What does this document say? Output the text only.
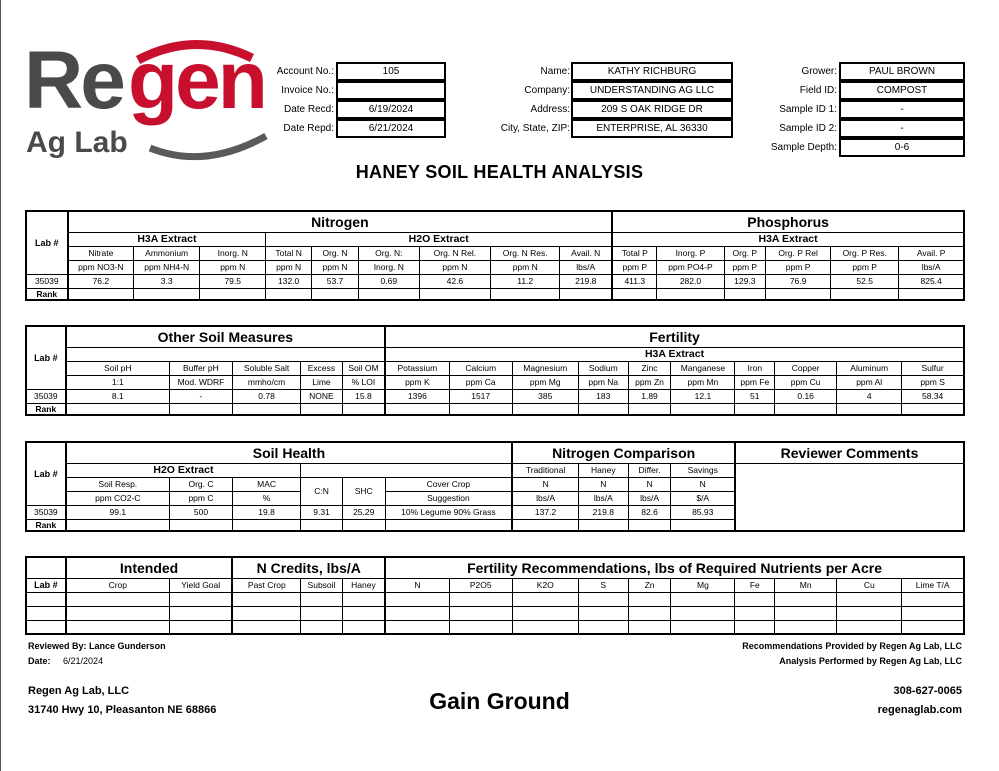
Re gen
Ag Lab
Account No.:	105
Invoice No.:
Date Recd:	6/19/2024
Date Repd:	6/21/2024
Name:	KATHY RICHBURG
Company:	UNDERSTANDING AG LLC
Address:	209 S OAK RIDGE DR
City, State, ZIP:	ENTERPRISE, AL 36330
Grower:	PAUL BROWN
Field ID:	COMPOST
Sample ID 1:	-
Sample ID 2:	-
Sample Depth:	0-6
HANEY SOIL HEALTH ANALYSIS
Lab #	Nitrogen									Phosphorus					
	H3A Extract			H2O Extract						H3A Extract					
	Nitrate	Ammonium	Inorg. N	Total N	Org. N	Org. N:	Org. N Rel.	Org. N Res.	Avail. N	Total P	Inorg. P	Org. P	Org. P Rel	Org. P Res.	Avail. P
	ppm NO3-N	ppm NH4-N	ppm N	ppm N	ppm N	Inorg. N	ppm N	ppm N	lbs/A	ppm P	ppm PO4-P	ppm P	ppm P	ppm P	lbs/A
35039	76.2	3.3	79.5	132.0	53.7	0.69	42.6	11.2	219.8	411.3	282.0	129.3	76.9	52.5	825.4
Rank															
Lab #	Other Soil Measures					Fertility									
						H3A Extract									
	Soil pH	Buffer pH	Soluble Salt	Excess	Soil OM	Potassium	Calcium	Magnesium	Sodium	Zinc	Manganese	Iron	Copper	Aluminum	Sulfur
	1:1	Mod. WDRF	mmho/cm	Lime	% LOI	ppm K	ppm Ca	ppm Mg	ppm Na	ppm Zn	ppm Mn	ppm Fe	ppm Cu	ppm Al	ppm S
35039	8.1	-	0.78	NONE	15.8	1396	1517	385	183	1.89	12.1	51	0.16	4	58.34
Rank															
Lab #	Soil Health						Nitrogen Comparison				Reviewer Comments
	H2O Extract						Traditional	Haney	Differ.	Savings	
	Soil Resp.	Org. C	MAC	C:N	SHC	Cover Crop	N	N	N	N	
	ppm CO2-C	ppm C	%			Suggestion	lbs/A	lbs/A	lbs/A	$/A	
35039	99.1	500	19.8	9.31	25.29	10% Legume 90% Grass	137.2	219.8	82.6	85.93	
Rank											
	Intended		N Credits, lbs/A			Fertility Recommendations, lbs of Required Nutrients per Acre									
Lab #	Crop	Yield Goal	Past Crop	Subsoil	Haney	N	P2O5	K2O	S	Zn	Mg	Fe	Mn	Cu	Lime T/A

Reviewed By: Lance Gunderson
Date: 6/21/2024
Recommendations Provided by Regen Ag Lab, LLC
Analysis Performed by Regen Ag Lab, LLC
Regen Ag Lab, LLC
31740 Hwy 10, Pleasanton NE 68866	Gain Ground	308-627-0065
regenaglab.com
